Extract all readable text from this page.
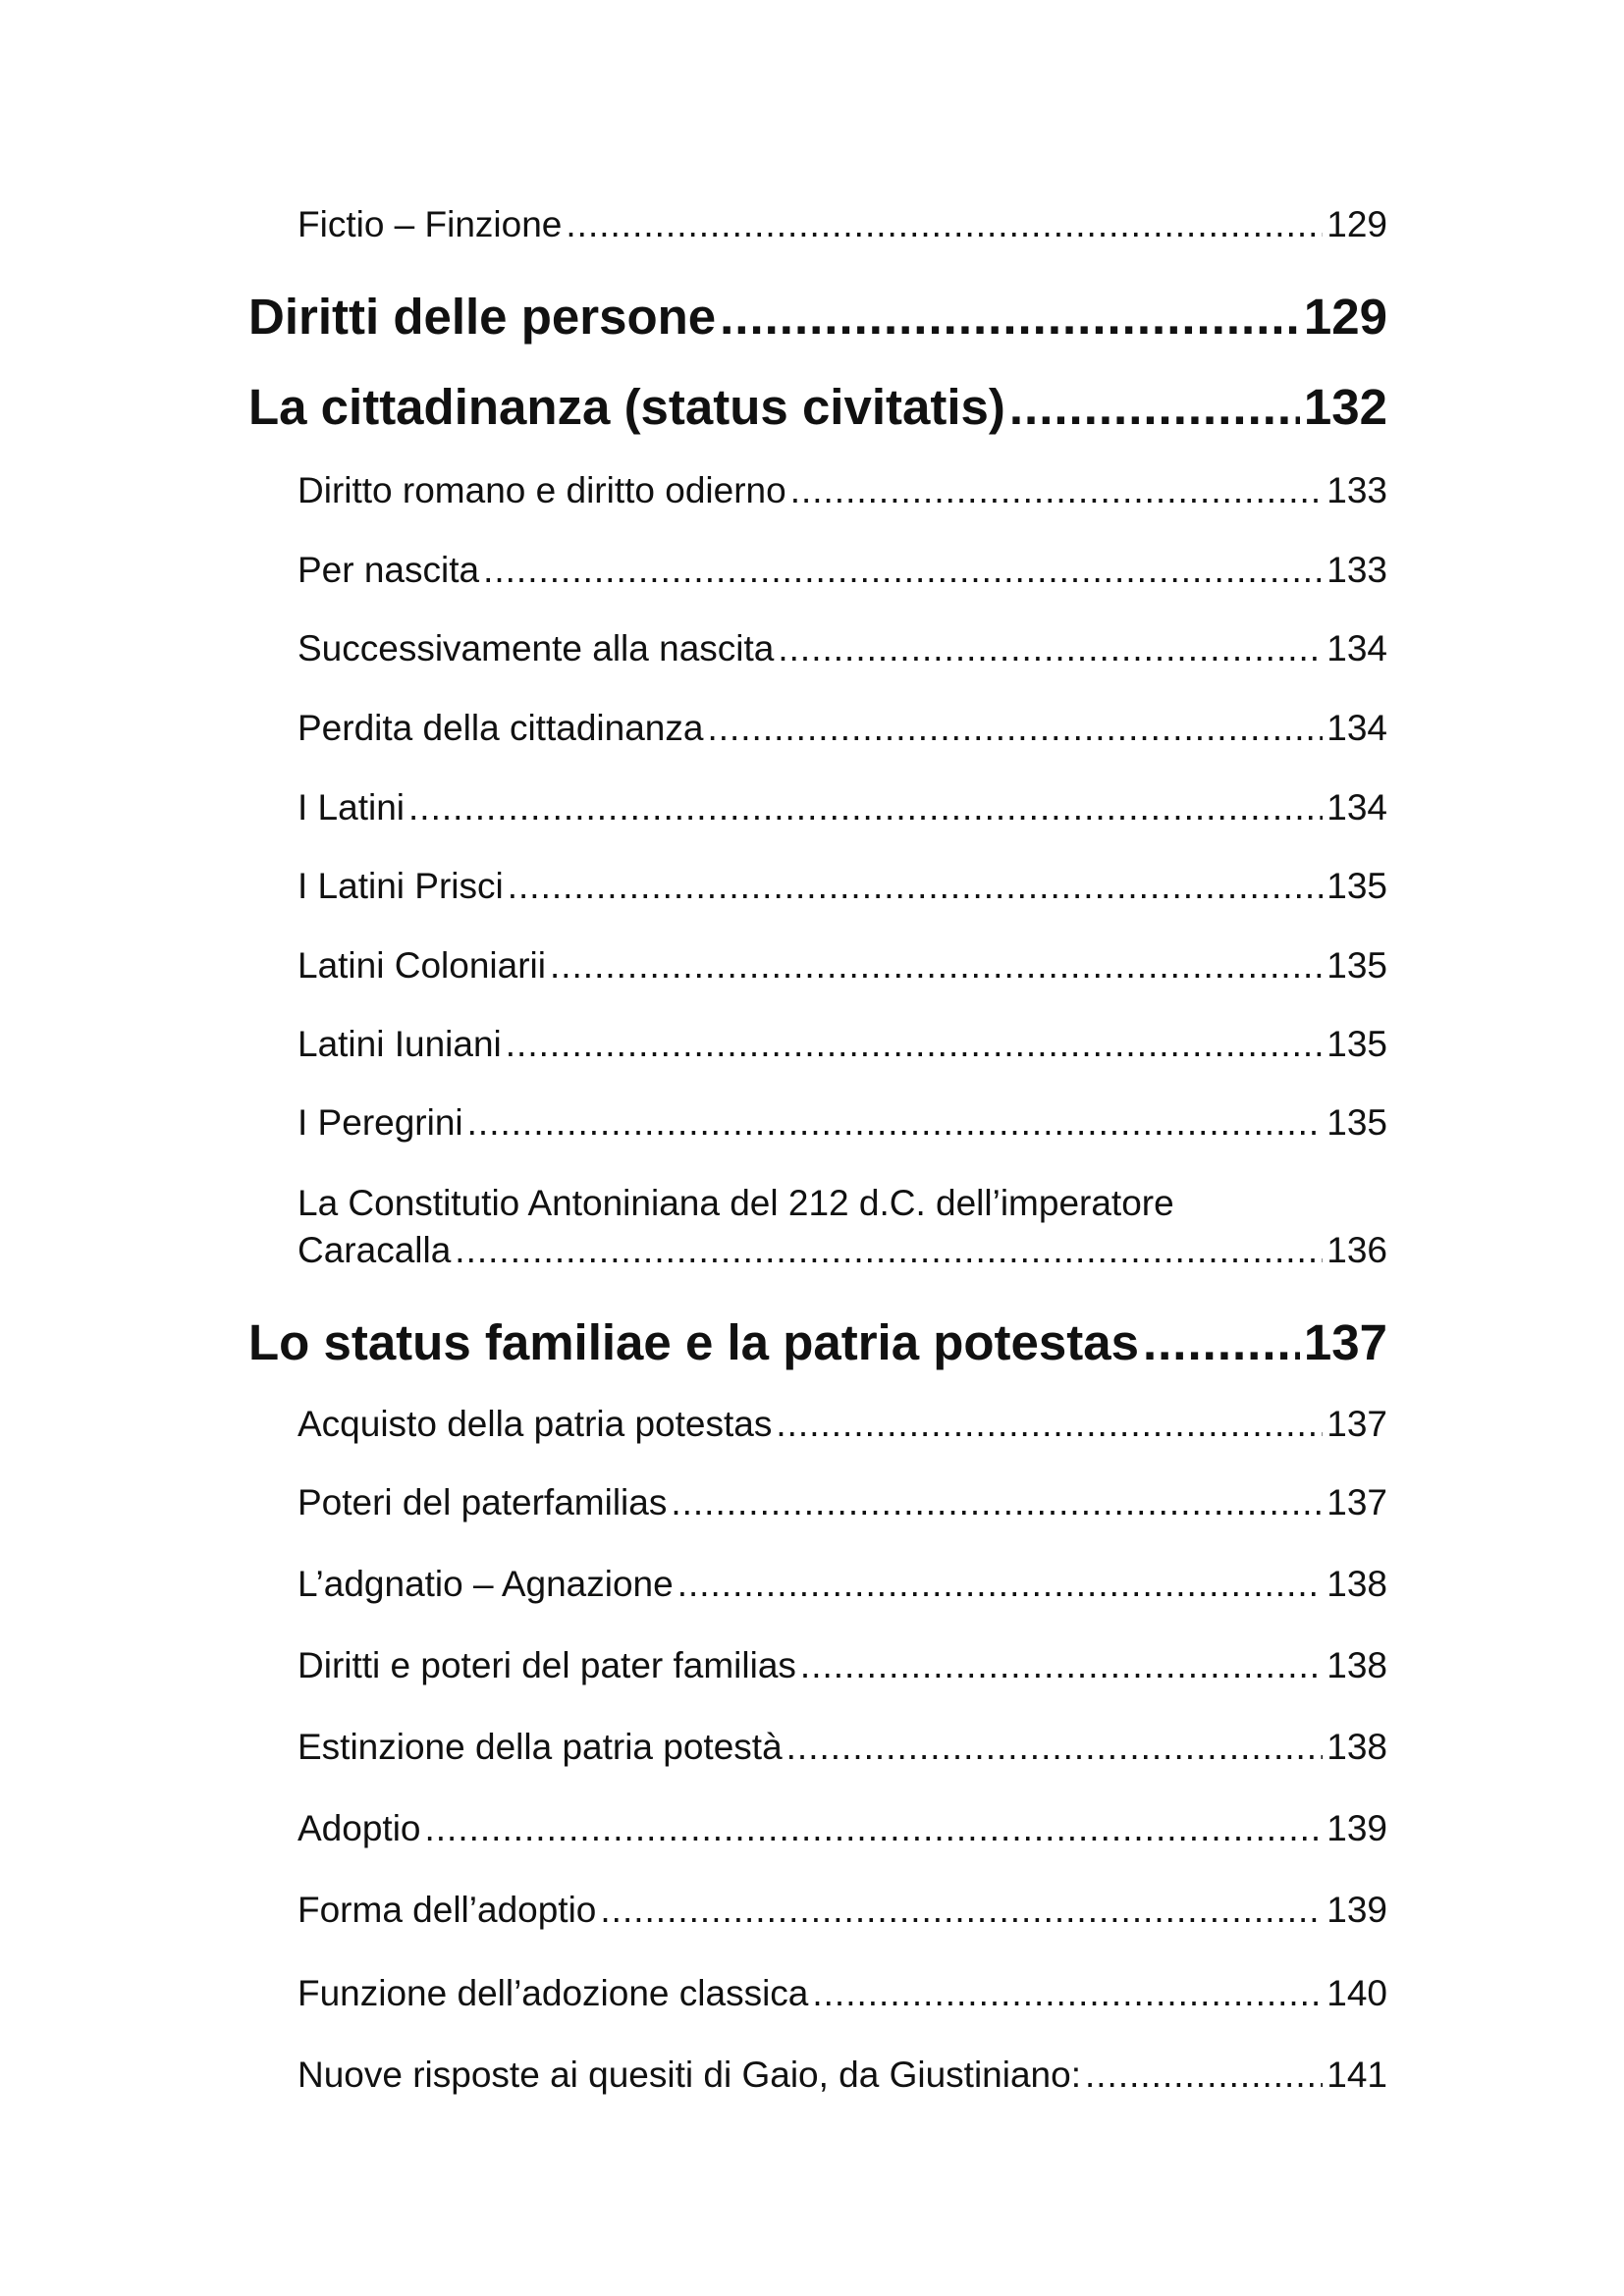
Fictio – Finzione .....	129
Diritti delle persone .....	129
La cittadinanza (status civitatis) .....	132
Diritto romano e diritto odierno .....	133
Per nascita .....	133
Successivamente alla nascita .....	134
Perdita della cittadinanza .....	134
I Latini .....	134
I Latini Prisci .....	135
Latini Coloniarii .....	135
Latini Iuniani .....	135
I Peregrini .....	135
La Constitutio Antoniniana del 212 d.C. dell’imperatore
Caracalla .....	136
Lo status familiae e la patria potestas .....	137
Acquisto della patria potestas .....	137
Poteri del paterfamilias .....	137
L’adgnatio – Agnazione .....	138
Diritti e poteri del pater familias .....	138
Estinzione della patria potestà .....	138
Adoptio .....	139
Forma dell’adoptio .....	139
Funzione dell’adozione classica .....	140
Nuove risposte ai quesiti di Gaio, da Giustiniano: .....	141
